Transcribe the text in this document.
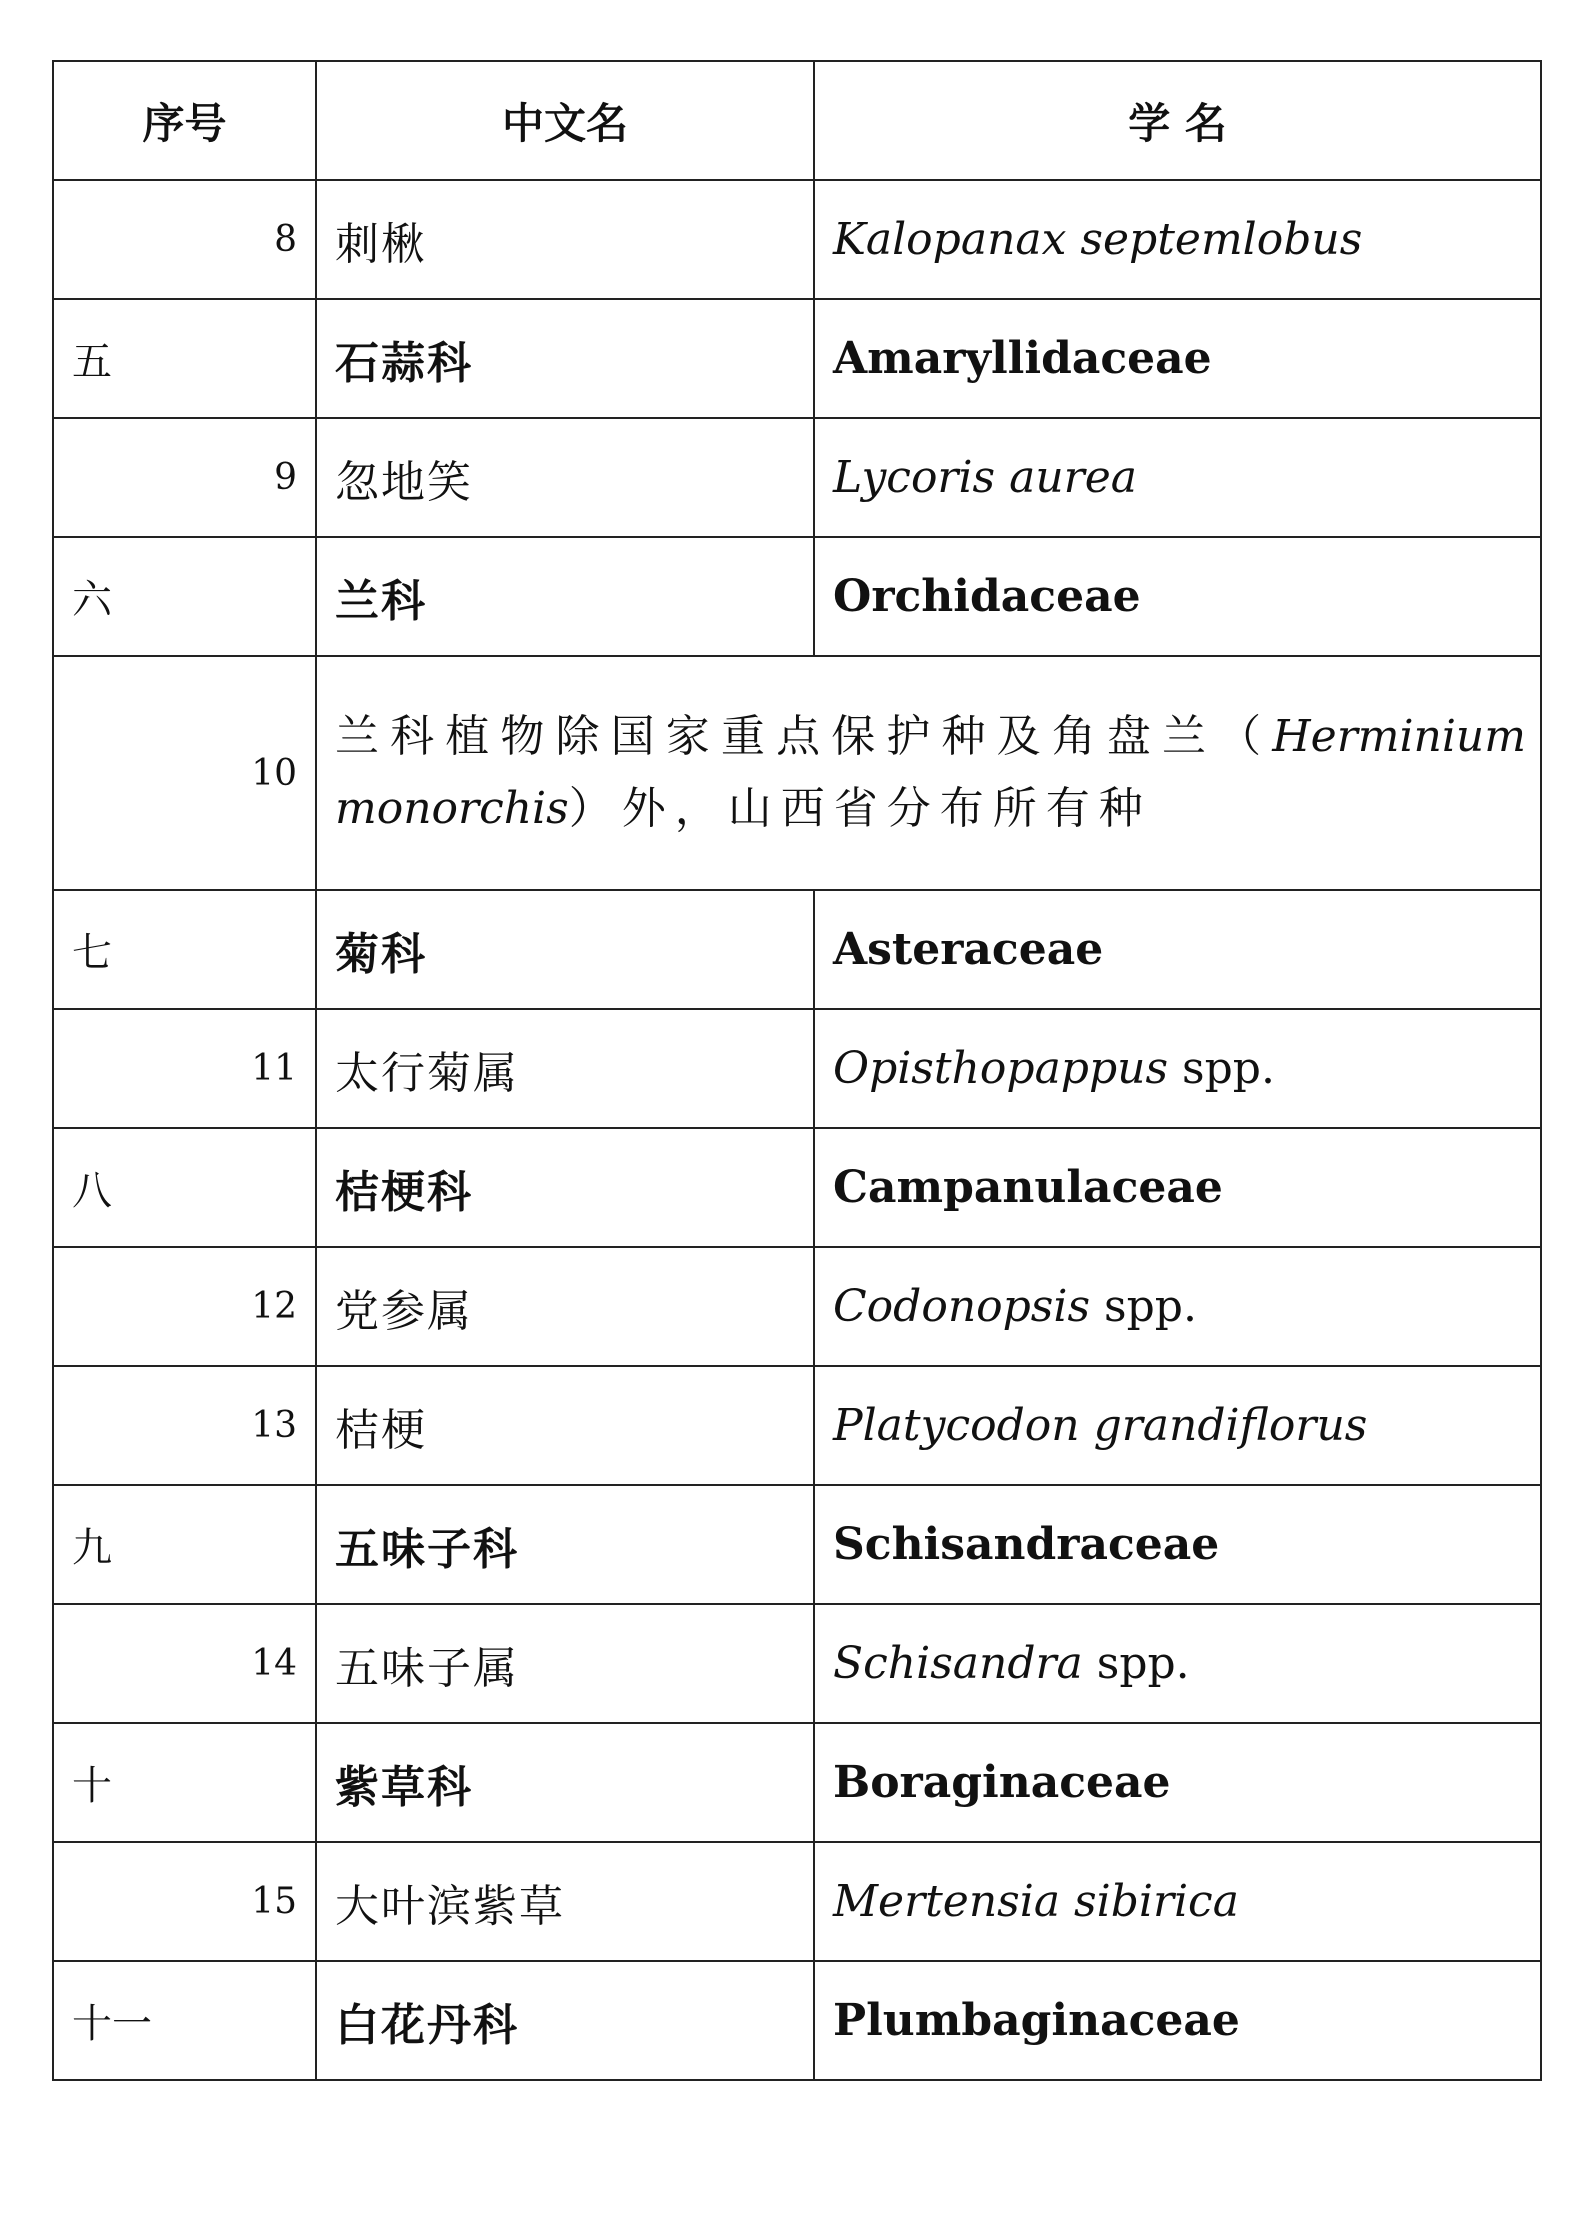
序号	中文名	学 名
8	刺楸	Kalopanax septemlobus
五	石蒜科	Amaryllidaceae
9	忽地笑	Lycoris aurea
六	兰科	Orchidaceae
10	兰科植物除国家重点保护种及角盘兰（Herminium monorchis）外，山西省分布所有种	
七	菊科	Asteraceae
11	太行菊属	Opisthopappus spp.
八	桔梗科	Campanulaceae
12	党参属	Codonopsis spp.
13	桔梗	Platycodon grandiflorus
九	五味子科	Schisandraceae
14	五味子属	Schisandra spp.
十	紫草科	Boraginaceae
15	大叶滨紫草	Mertensia sibirica
十一	白花丹科	Plumbaginaceae
